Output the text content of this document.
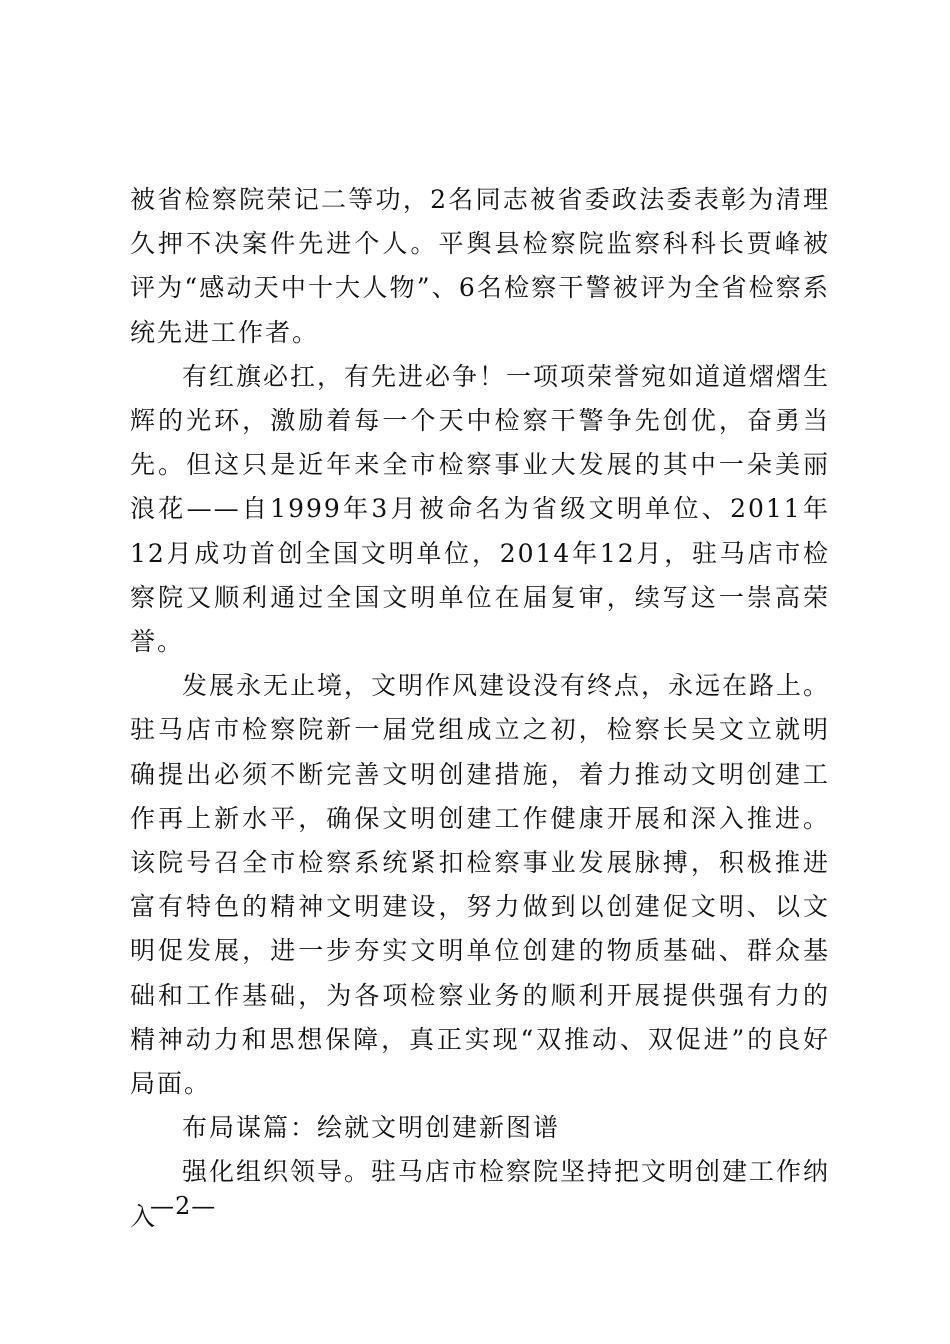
被省检察院荣记二等功，2名同志被省委政法委表彰为清理久押不决案件先进个人。平舆县检察院监察科科长贾峰被评为“感动天中十大人物”、6名检察干警被评为全省检察系统先进工作者。

有红旗必扛，有先进必争！一项项荣誉宛如道道熠熠生辉的光环，激励着每一个天中检察干警争先创优，奋勇当先。但这只是近年来全市检察事业大发展的其中一朵美丽浪花——自1999年3月被命名为省级文明单位、2011年12月成功首创全国文明单位，2014年12月，驻马店市检察院又顺利通过全国文明单位在届复审，续写这一崇高荣誉。

发展永无止境，文明作风建设没有终点，永远在路上。驻马店市检察院新一届党组成立之初，检察长吴文立就明确提出必须不断完善文明创建措施，着力推动文明创建工作再上新水平，确保文明创建工作健康开展和深入推进。该院号召全市检察系统紧扣检察事业发展脉搏，积极推进富有特色的精神文明建设，努力做到以创建促文明、以文明促发展，进一步夯实文明单位创建的物质基础、群众基础和工作基础，为各项检察业务的顺利开展提供强有力的精神动力和思想保障，真正实现“双推动、双促进”的良好局面。

布局谋篇：绘就文明创建新图谱

强化组织领导。驻马店市检察院坚持把文明创建工作纳入

—2—
